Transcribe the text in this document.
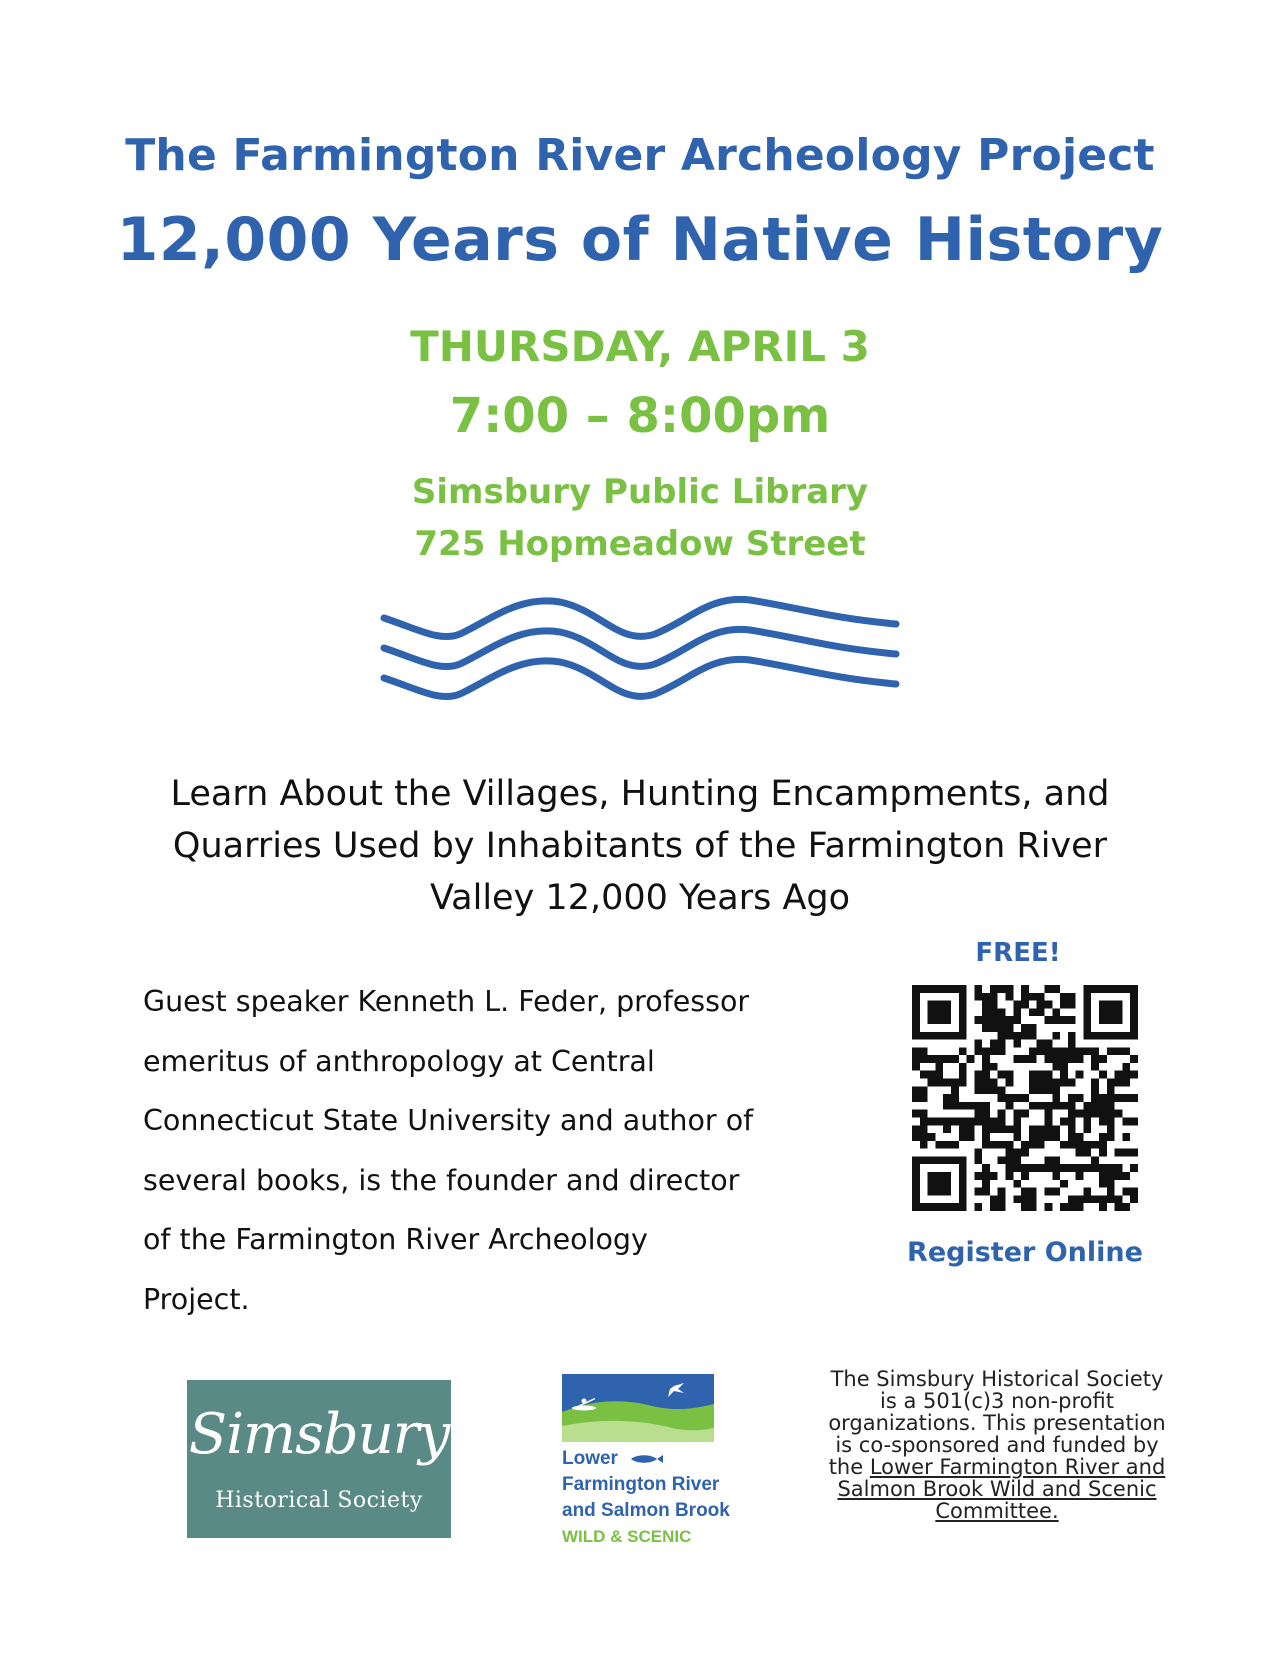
The Farmington River Archeology Project
12,000 Years of Native History
THURSDAY, APRIL 3
7:00 – 8:00pm
Simsbury Public Library
725 Hopmeadow Street
Learn About the Villages, Hunting Encampments, and
Quarries Used by Inhabitants of the Farmington River
Valley 12,000 Years Ago
FREE!
Register Online
Guest speaker Kenneth L. Feder, professor
emeritus of anthropology at Central
Connecticut State University and author of
several books, is the founder and director
of the Farmington River Archeology
Project.
Simsbury
Historical Society
Lower
Farmington River
and Salmon Brook
WILD & SCENIC
The Simsbury Historical Society is a 501(c)3 non-profit organizations. This presentation is co-sponsored and funded by the Lower Farmington River and Salmon Brook Wild and Scenic Committee.
